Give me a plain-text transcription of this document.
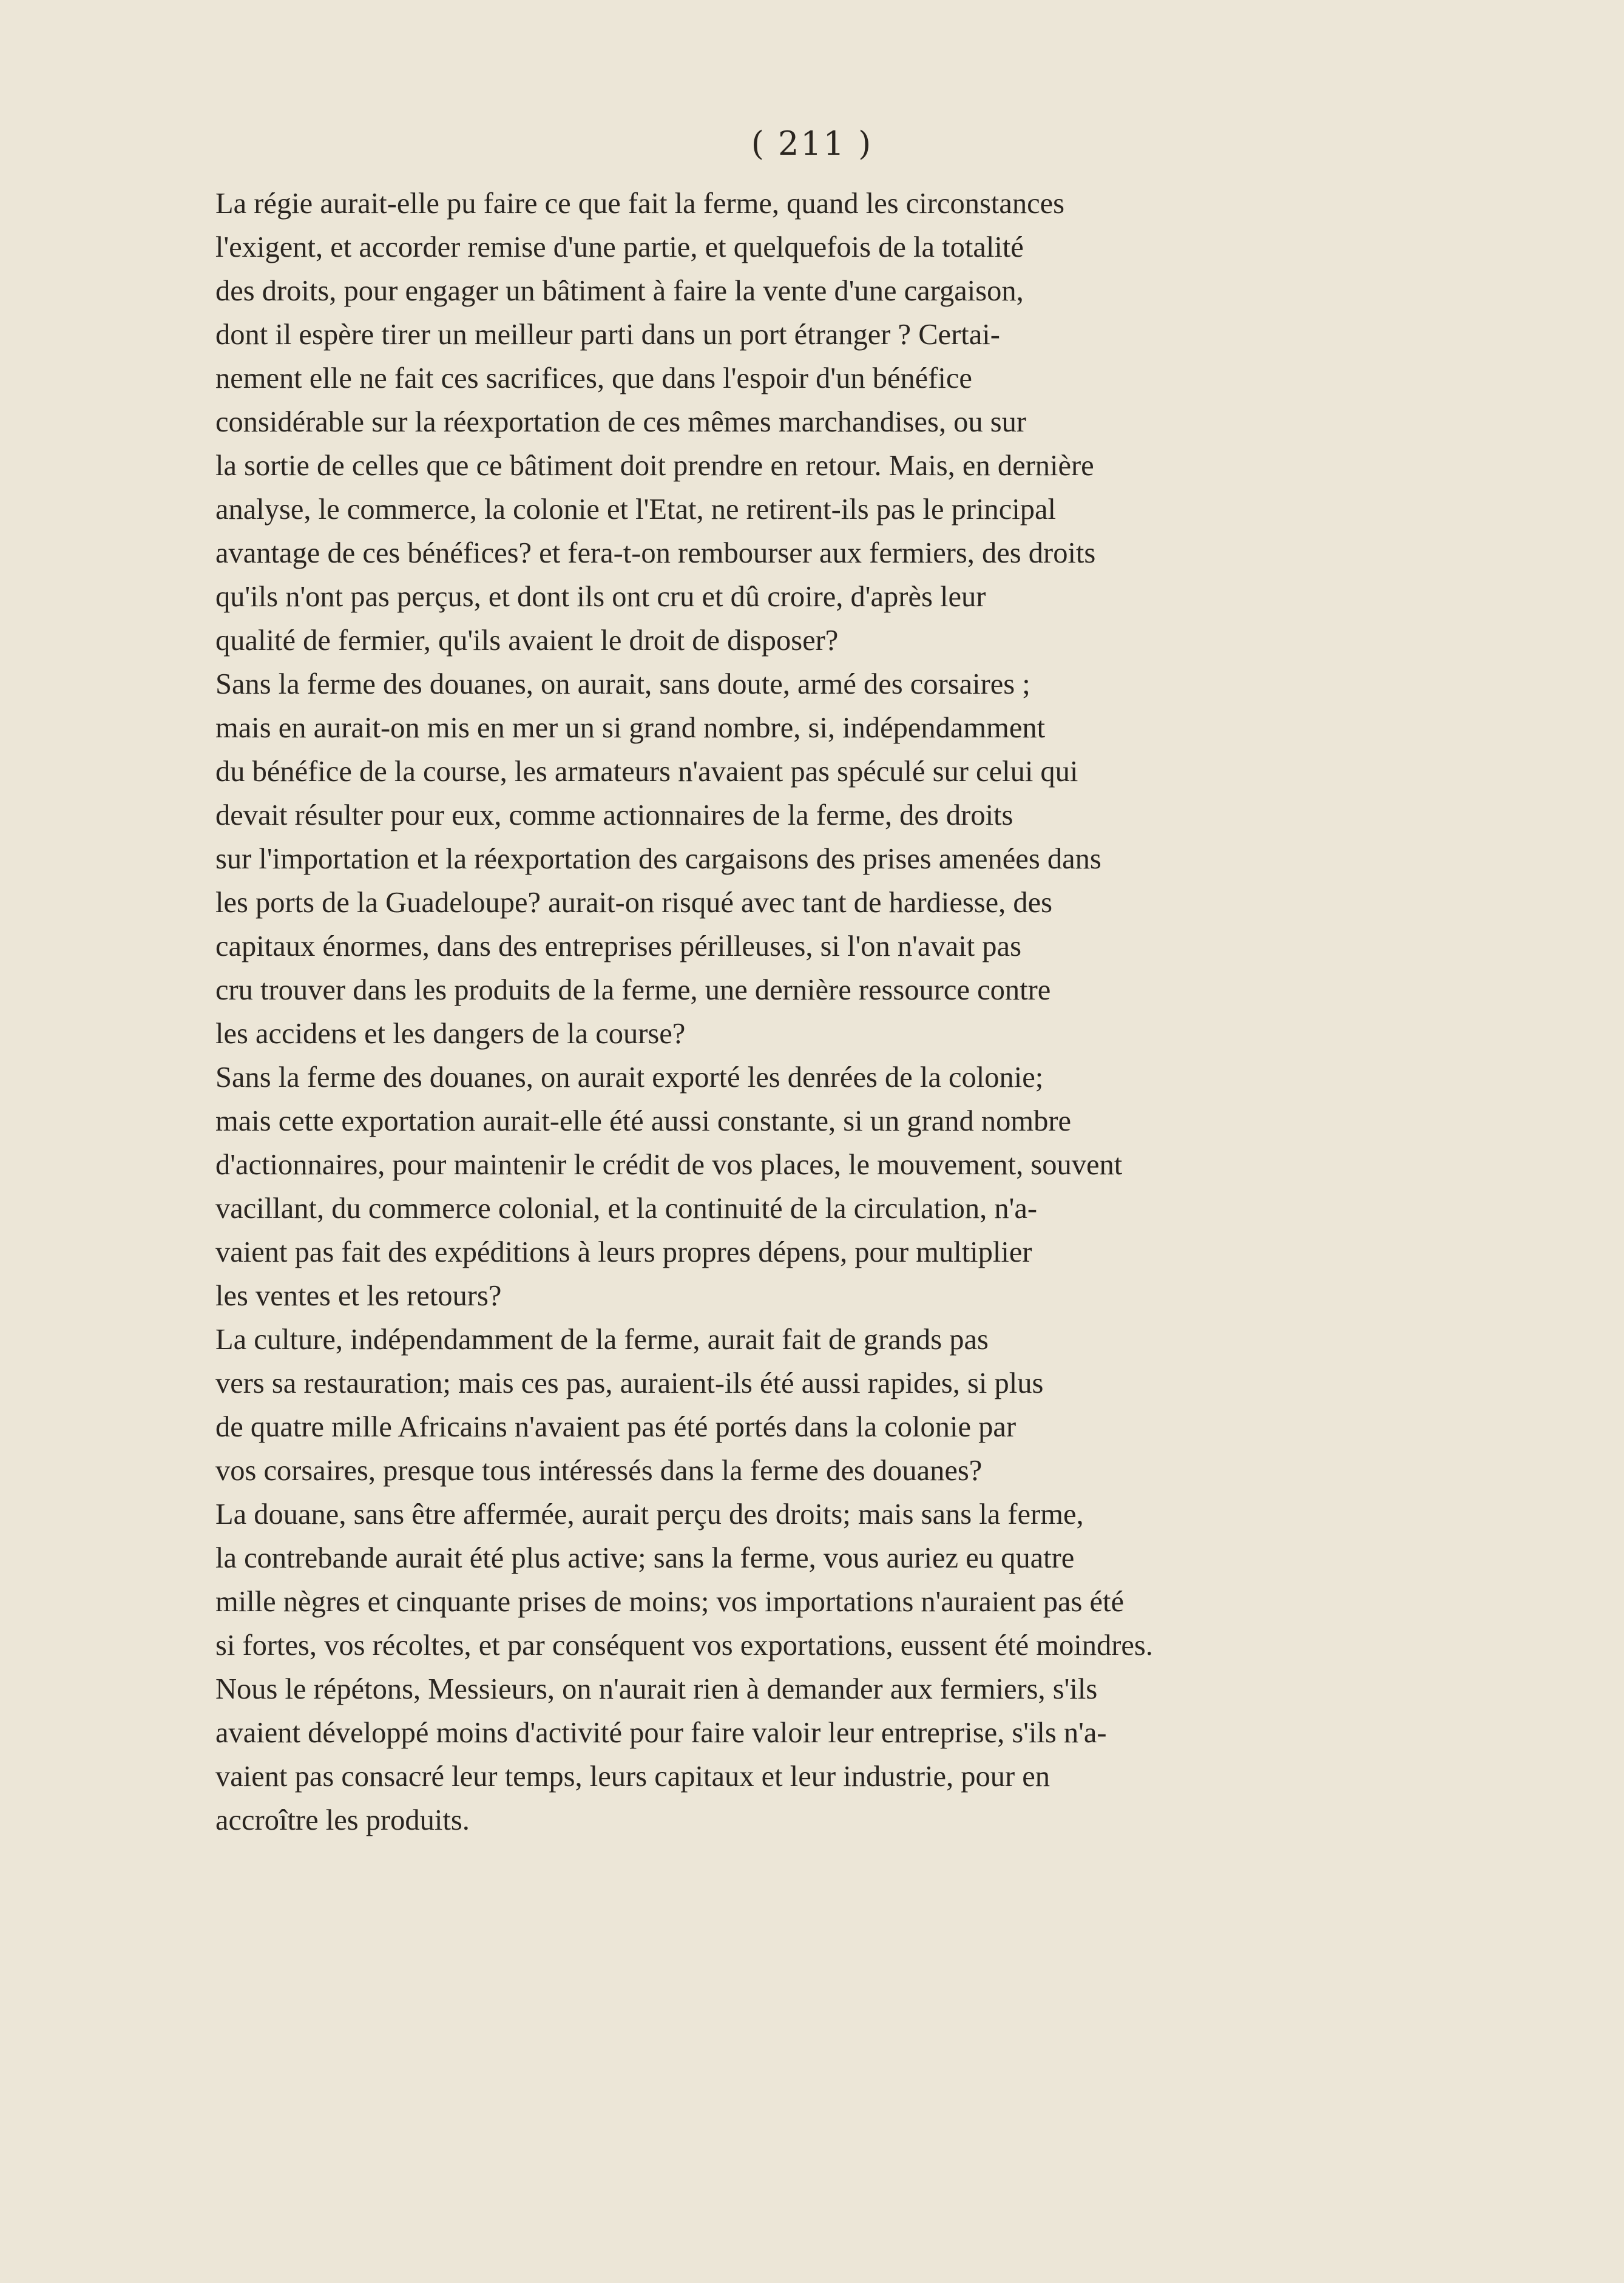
( 211 )

La régie aurait-elle pu faire ce que fait la ferme, quand les circonstances
l'exigent, et accorder remise d'une partie, et quelquefois de la totalité
des droits, pour engager un bâtiment à faire la vente d'une cargaison,
dont il espère tirer un meilleur parti dans un port étranger ? Certai-
nement elle ne fait ces sacrifices, que dans l'espoir d'un bénéfice
considérable sur la réexportation de ces mêmes marchandises, ou sur
la sortie de celles que ce bâtiment doit prendre en retour. Mais, en dernière
analyse, le commerce, la colonie et l'Etat, ne retirent-ils pas le principal
avantage de ces bénéfices? et fera-t-on rembourser aux fermiers, des droits
qu'ils n'ont pas perçus, et dont ils ont cru et dû croire, d'après leur
qualité de fermier, qu'ils avaient le droit de disposer?

Sans la ferme des douanes, on aurait, sans doute, armé des corsaires ;
mais en aurait-on mis en mer un si grand nombre, si, indépendamment
du bénéfice de la course, les armateurs n'avaient pas spéculé sur celui qui
devait résulter pour eux, comme actionnaires de la ferme, des droits
sur l'importation et la réexportation des cargaisons des prises amenées dans
les ports de la Guadeloupe? aurait-on risqué avec tant de hardiesse, des
capitaux énormes, dans des entreprises périlleuses, si l'on n'avait pas
cru trouver dans les produits de la ferme, une dernière ressource contre
les accidens et les dangers de la course?

Sans la ferme des douanes, on aurait exporté les denrées de la colonie;
mais cette exportation aurait-elle été aussi constante, si un grand nombre
d'actionnaires, pour maintenir le crédit de vos places, le mouvement, souvent
vacillant, du commerce colonial, et la continuité de la circulation, n'a-
vaient pas fait des expéditions à leurs propres dépens, pour multiplier
les ventes et les retours?

La culture, indépendamment de la ferme, aurait fait de grands pas
vers sa restauration; mais ces pas, auraient-ils été aussi rapides, si plus
de quatre mille Africains n'avaient pas été portés dans la colonie par
vos corsaires, presque tous intéressés dans la ferme des douanes?

La douane, sans être affermée, aurait perçu des droits; mais sans la ferme,
la contrebande aurait été plus active; sans la ferme, vous auriez eu quatre
mille nègres et cinquante prises de moins; vos importations n'auraient pas été
si fortes, vos récoltes, et par conséquent vos exportations, eussent été moindres.
Nous le répétons, Messieurs, on n'aurait rien à demander aux fermiers, s'ils
avaient développé moins d'activité pour faire valoir leur entreprise, s'ils n'a-
vaient pas consacré leur temps, leurs capitaux et leur industrie, pour en
accroître les produits.
